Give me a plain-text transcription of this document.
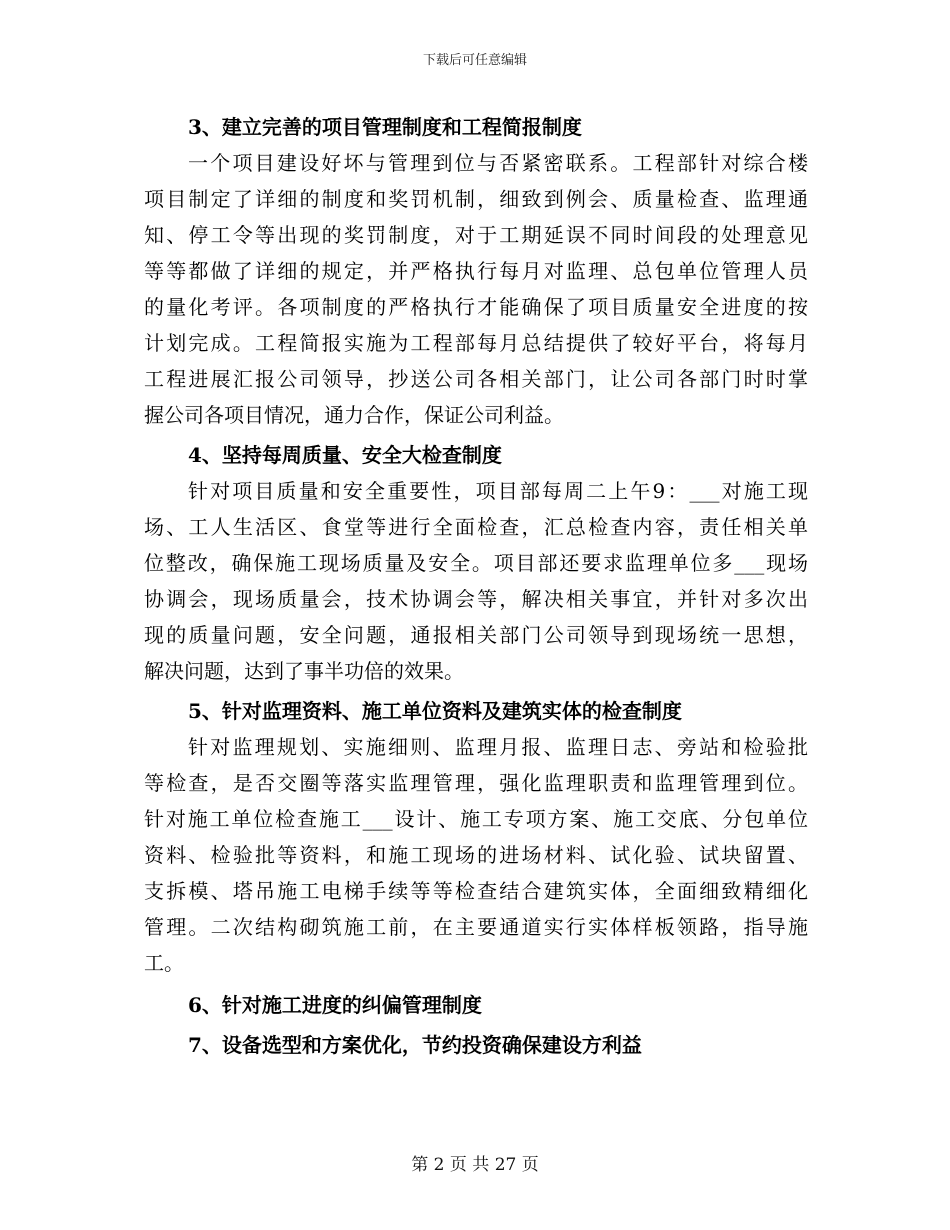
下载后可任意编辑
3、建立完善的项目管理制度和工程简报制度
一个项目建设好坏与管理到位与否紧密联系。工程部针对综合楼
项目制定了详细的制度和奖罚机制，细致到例会、质量检查、监理通
知、停工令等出现的奖罚制度，对于工期延误不同时间段的处理意见
等等都做了详细的规定，并严格执行每月对监理、总包单位管理人员
的量化考评。各项制度的严格执行才能确保了项目质量安全进度的按
计划完成。工程简报实施为工程部每月总结提供了较好平台，将每月
工程进展汇报公司领导，抄送公司各相关部门，让公司各部门时时掌
握公司各项目情况，通力合作，保证公司利益。
4、坚持每周质量、安全大检查制度
针对项目质量和安全重要性，项目部每周二上午9：___对施工现
场、工人生活区、食堂等进行全面检查，汇总检查内容，责任相关单
位整改，确保施工现场质量及安全。项目部还要求监理单位多___现场
协调会，现场质量会，技术协调会等，解决相关事宜，并针对多次出
现的质量问题，安全问题，通报相关部门公司领导到现场统一思想，
解决问题，达到了事半功倍的效果。
5、针对监理资料、施工单位资料及建筑实体的检查制度
针对监理规划、实施细则、监理月报、监理日志、旁站和检验批
等检查，是否交圈等落实监理管理，强化监理职责和监理管理到位。
针对施工单位检查施工___设计、施工专项方案、施工交底、分包单位
资料、检验批等资料，和施工现场的进场材料、试化验、试块留置、
支拆模、塔吊施工电梯手续等等检查结合建筑实体，全面细致精细化
管理。二次结构砌筑施工前，在主要通道实行实体样板领路，指导施
工。
6、针对施工进度的纠偏管理制度
7、设备选型和方案优化，节约投资确保建设方利益
第 2 页 共 27 页
